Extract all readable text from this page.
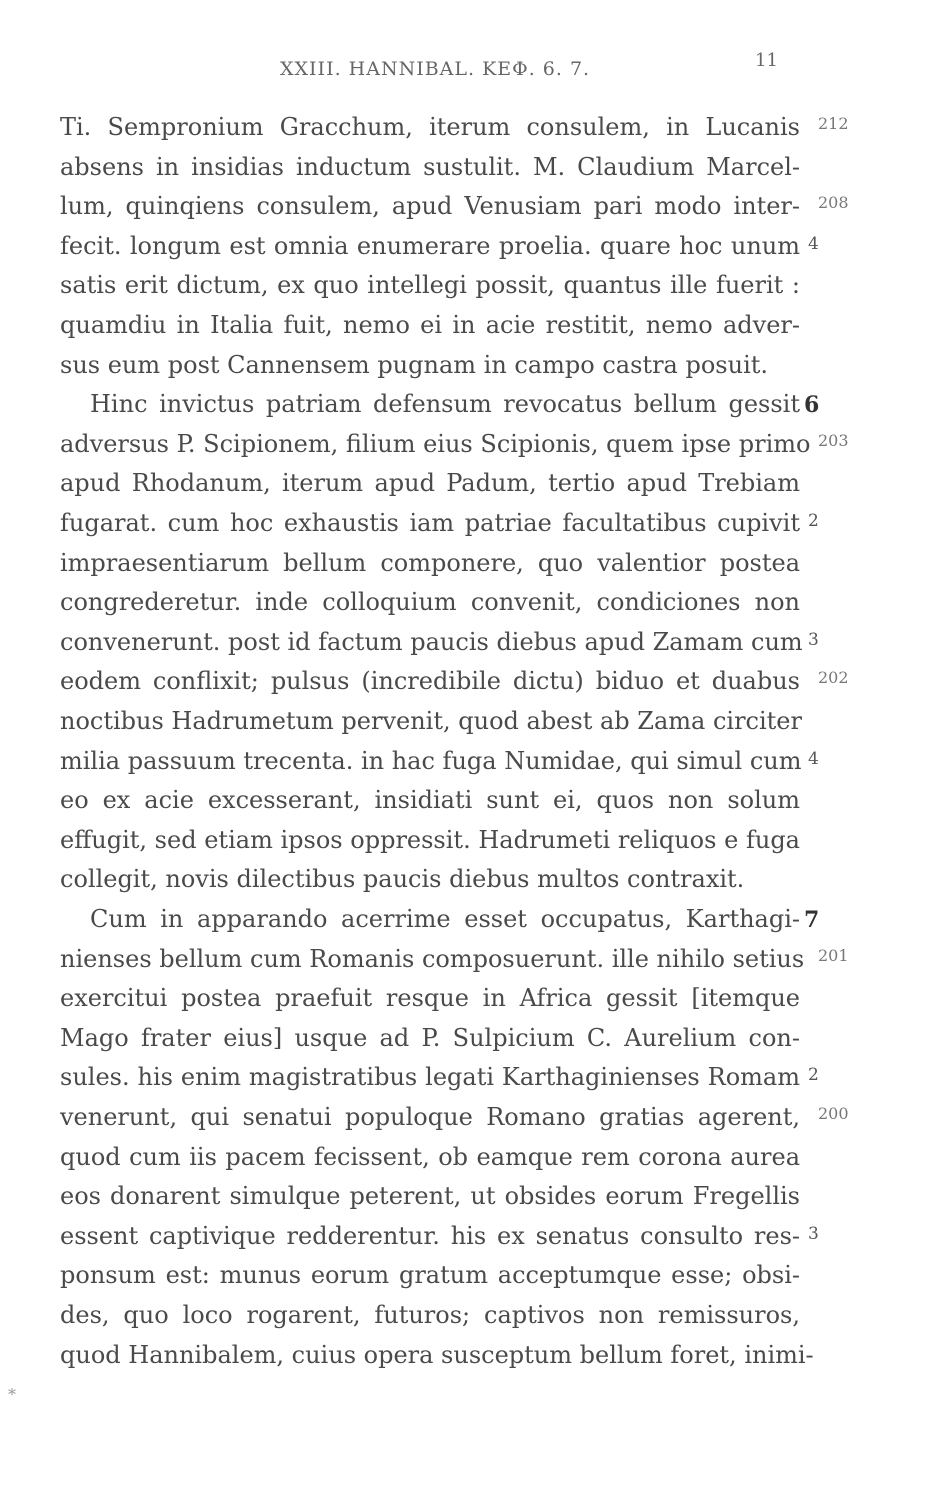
XXIII. HANNIBAL. ΚΕΦ. 6. 7.	11
Ti. Sempronium Gracchum, iterum consulem, in Lucanis 212
absens in insidias inductum sustulit. M. Claudium Marcel-
lum, quinqiens consulem, apud Venusiam pari modo inter- 208
fecit. longum est omnia enumerare proelia. quare hoc unum 4
satis erit dictum, ex quo intellegi possit, quantus ille fuerit :
quamdiu in Italia fuit, nemo ei in acie restitit, nemo adver-
sus eum post Cannensem pugnam in campo castra posuit.
Hinc invictus patriam defensum revocatus bellum gessit 6
adversus P. Scipionem, filium eius Scipionis, quem ipse primo 203
apud Rhodanum, iterum apud Padum, tertio apud Trebiam
fugarat. cum hoc exhaustis iam patriae facultatibus cupivit 2
impraesentiarum bellum componere, quo valentior postea
congrederetur. inde colloquium convenit, condiciones non
convenerunt. post id factum paucis diebus apud Zamam cum 3
eodem conflixit; pulsus (incredibile dictu) biduo et duabus 202
noctibus Hadrumetum pervenit, quod abest ab Zama circiter
milia passuum trecenta. in hac fuga Numidae, qui simul cum 4
eo ex acie excesserant, insidiati sunt ei, quos non solum
effugit, sed etiam ipsos oppressit. Hadrumeti reliquos e fuga
collegit, novis dilectibus paucis diebus multos contraxit.
Cum in apparando acerrime esset occupatus, Karthagi- 7
nienses bellum cum Romanis composuerunt. ille nihilo setius 201
exercitui postea praefuit resque in Africa gessit [itemque
Mago frater eius] usque ad P. Sulpicium C. Aurelium con-
sules. his enim magistratibus legati Karthaginienses Romam 2
venerunt, qui senatui populoque Romano gratias agerent, 200
quod cum iis pacem fecissent, ob eamque rem corona aurea
eos donarent simulque peterent, ut obsides eorum Fregellis
essent captivique redderentur. his ex senatus consulto res- 3
ponsum est: munus eorum gratum acceptumque esse; obsi-
des, quo loco rogarent, futuros; captivos non remissuros,
quod Hannibalem, cuius opera susceptum bellum foret, inimi-
*
